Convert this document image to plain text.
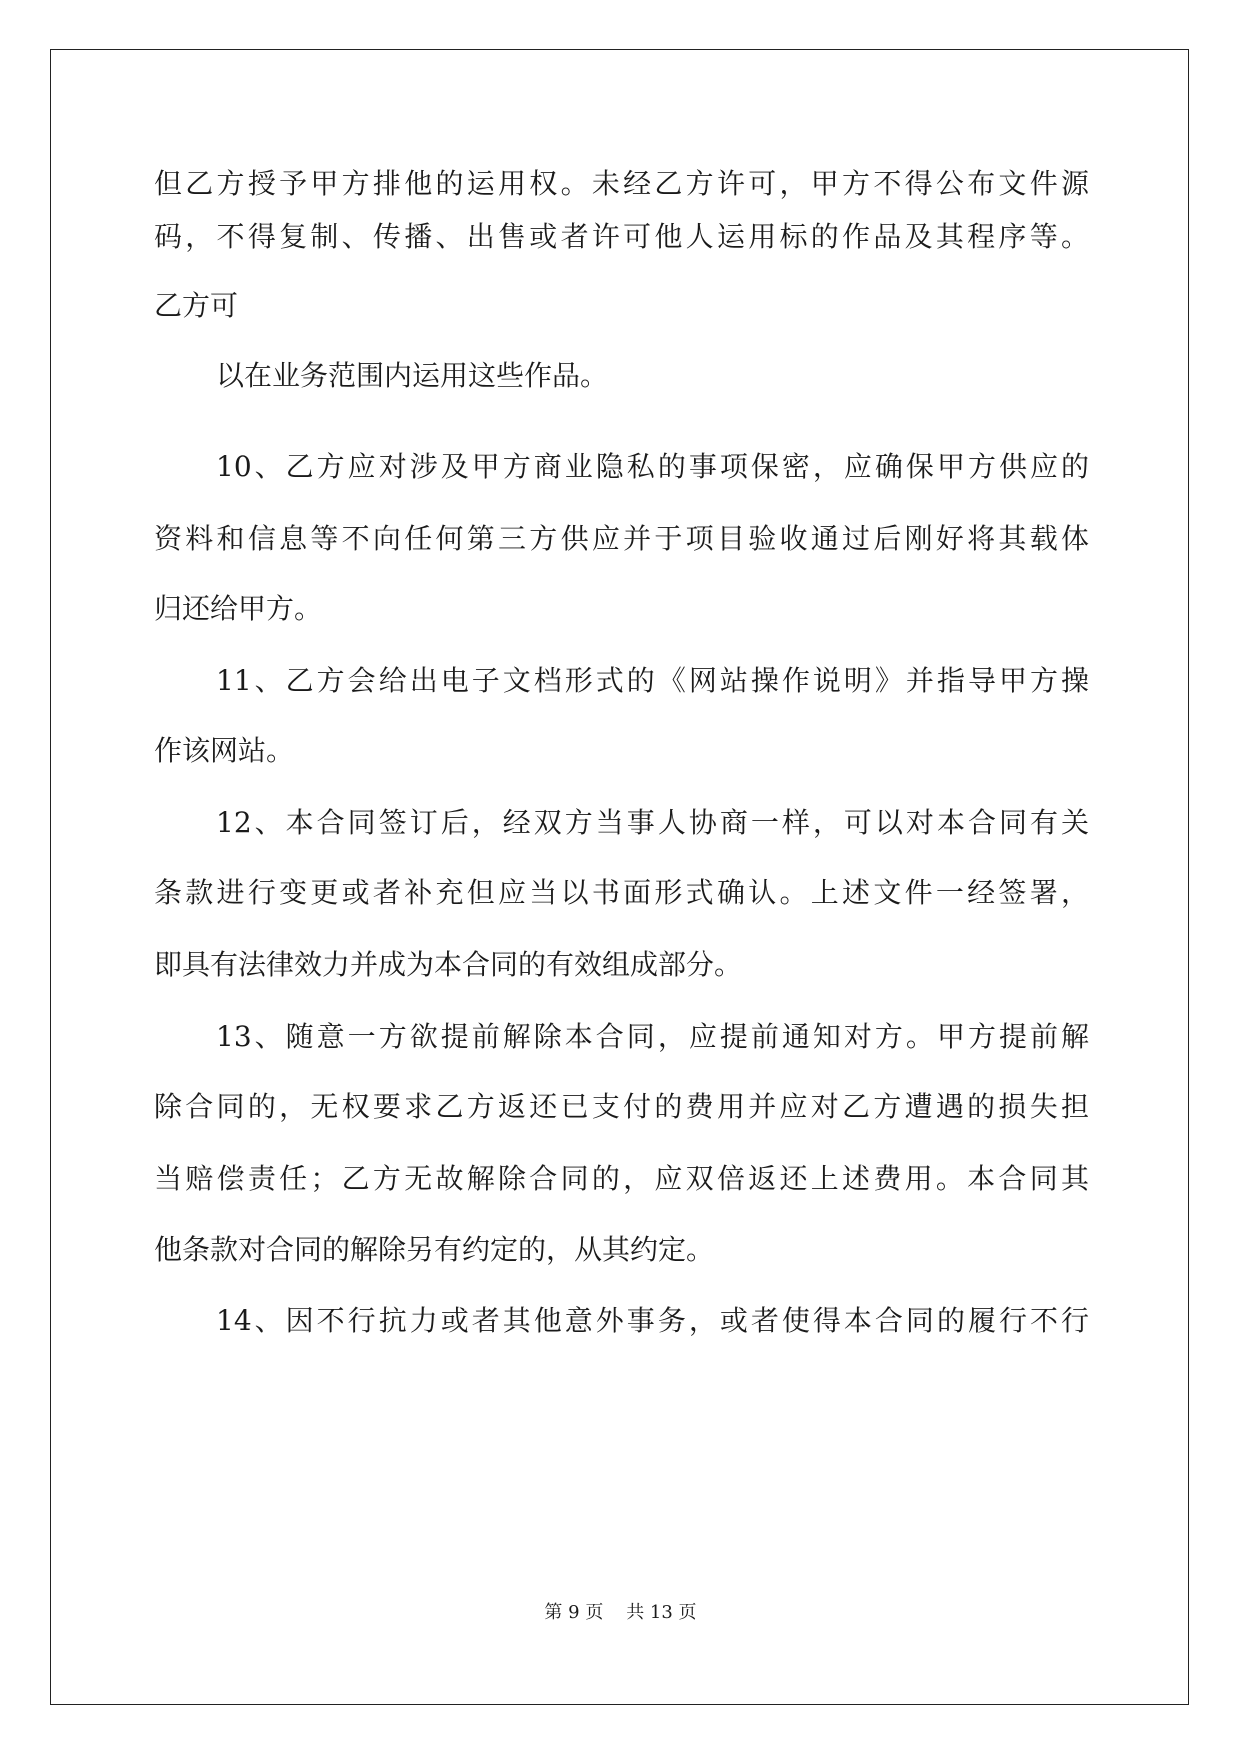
但乙方授予甲方排他的运用权。未经乙方许可，甲方不得公布文件源
码，不得复制、传播、出售或者许可他人运用标的作品及其程序等。
乙方可
以在业务范围内运用这些作品。
10、乙方应对涉及甲方商业隐私的事项保密，应确保甲方供应的
资料和信息等不向任何第三方供应并于项目验收通过后刚好将其载体
归还给甲方。
11、乙方会给出电子文档形式的《网站操作说明》并指导甲方操
作该网站。
12、本合同签订后，经双方当事人协商一样，可以对本合同有关
条款进行变更或者补充但应当以书面形式确认。上述文件一经签署，
即具有法律效力并成为本合同的有效组成部分。
13、随意一方欲提前解除本合同，应提前通知对方。甲方提前解
除合同的，无权要求乙方返还已支付的费用并应对乙方遭遇的损失担
当赔偿责任；乙方无故解除合同的，应双倍返还上述费用。本合同其
他条款对合同的解除另有约定的，从其约定。
14、因不行抗力或者其他意外事务，或者使得本合同的履行不行
第 9 页    共 13 页
